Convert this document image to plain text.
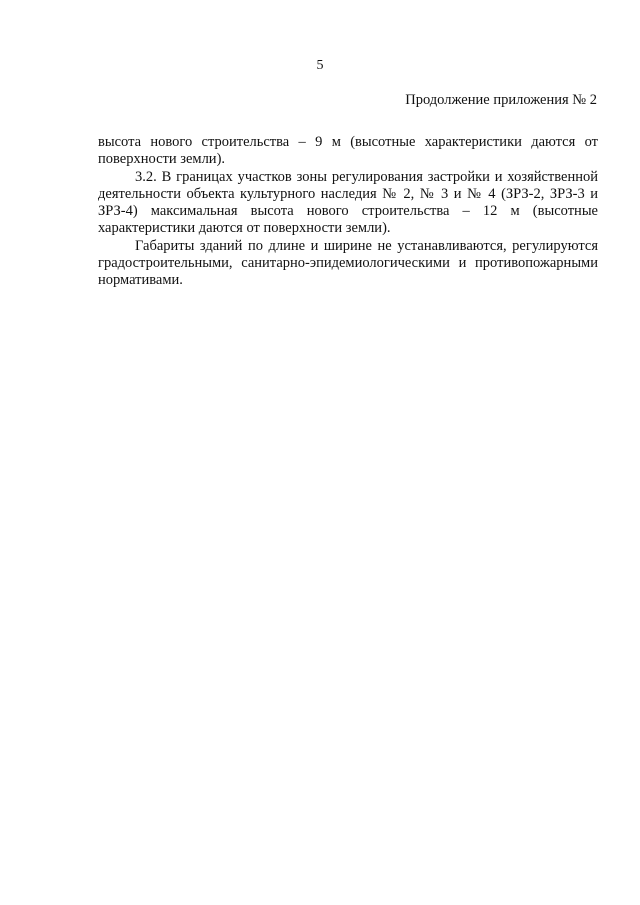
5
Продолжение приложения № 2

высота нового строительства – 9 м (высотные характеристики даются от поверхности земли).

3.2. В границах участков зоны регулирования застройки и хозяйственной деятельности объекта культурного наследия № 2, № 3 и № 4 (ЗРЗ-2, ЗРЗ-3 и ЗРЗ-4) максимальная высота нового строительства – 12 м (высотные характеристики даются от поверхности земли).

Габариты зданий по длине и ширине не устанавливаются, регулируются градостроительными, санитарно-эпидемиологическими и противопожарными нормативами.
